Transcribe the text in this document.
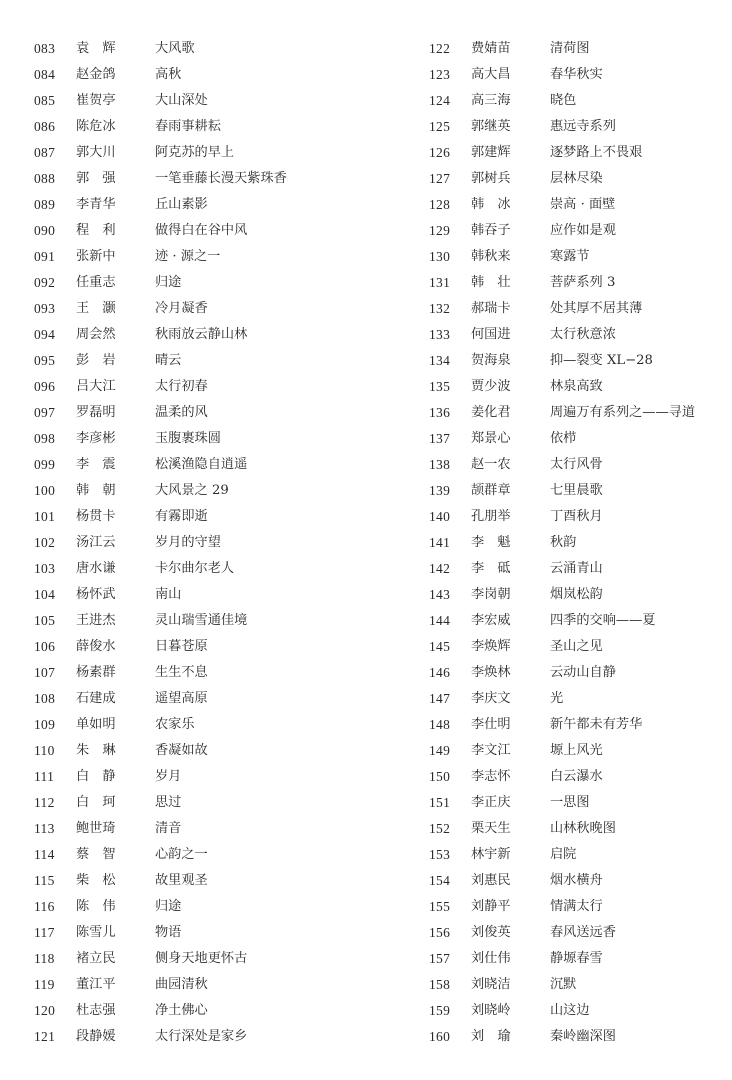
083 袁　辉	大风歌
084 赵金鸽	高秋
085 崔贺亭	大山深处
086 陈危冰	春雨事耕耘
087 郭大川	阿克苏的早上
088 郭　强	一笔垂藤长漫天紫珠香
089 李青华	丘山素影
090 程　利	做得白在谷中风
091 张新中	迹 · 源之一
092 任重志	归途
093 王　灏	冷月凝香
094 周会然	秋雨放云静山林
095 彭　岩	晴云
096 吕大江	太行初春
097 罗磊明	温柔的风
098 李彦彬	玉腹裹珠圆
099 李　震	松溪渔隐自逍遥
100 韩　朝	大风景之 29
101 杨贯卡	有霧即逝
102 汤江云	岁月的守望
103 唐水谦	卡尔曲尔老人
104 杨怀武	南山
105 王进杰	灵山瑞雪通佳境
106 薛俊水	日暮苍原
107 杨素群	生生不息
108 石建成	遥望高原
109 单如明	农家乐
110 朱　琳	香凝如故
111 白　静	岁月
112 白　珂	思过
113 鲍世琦	清音
114 蔡　智	心韵之一
115 柴　松	故里观圣
116 陈　伟	归途
117 陈雪儿	物语
118 褚立民	侧身天地更怀古
119 董江平	曲园清秋
120 杜志强	净土佛心
121 段静媛	太行深处是家乡
122 费婧苗	清荷图
123 高大昌	春华秋实
124 高三海	晓色
125 郭继英	惠远寺系列
126 郭建辉	逐梦路上不畏艰
127 郭树兵	层林尽染
128 韩　冰	崇高 · 面壁
129 韩吞子	应作如是观
130 韩秋来	寒露节
131 韩　壮	菩萨系列 3
132 郝瑞卡	处其厚不居其薄
133 何国进	太行秋意浓
134 贺海泉	抑—裂变 XL−28
135 贾少波	林泉高致
136 姜化君	周遍万有系列之——寻道
137 郑景心	依栉
138 赵一农	太行风骨
139 颉群章	七里晨歌
140 孔朋举	丁酉秋月
141 李　魁	秋韵
142 李　砥	云涌青山
143 李岗朝	烟岚松韵
144 李宏威	四季的交响——夏
145 李焕辉	圣山之见
146 李焕林	云动山自静
147 李庆文	光
148 李仕明	新午都未有芳华
149 李文江	塬上风光
150 李志怀	白云瀑水
151 李正庆	一思图
152 栗天生	山林秋晚图
153 林宇新	启院
154 刘惠民	烟水横舟
155 刘静平	情满太行
156 刘俊英	春风送远香
157 刘仕伟	静塬春雪
158 刘晓洁	沉默
159 刘晓岭	山这边
160 刘　瑜	秦岭幽深图
